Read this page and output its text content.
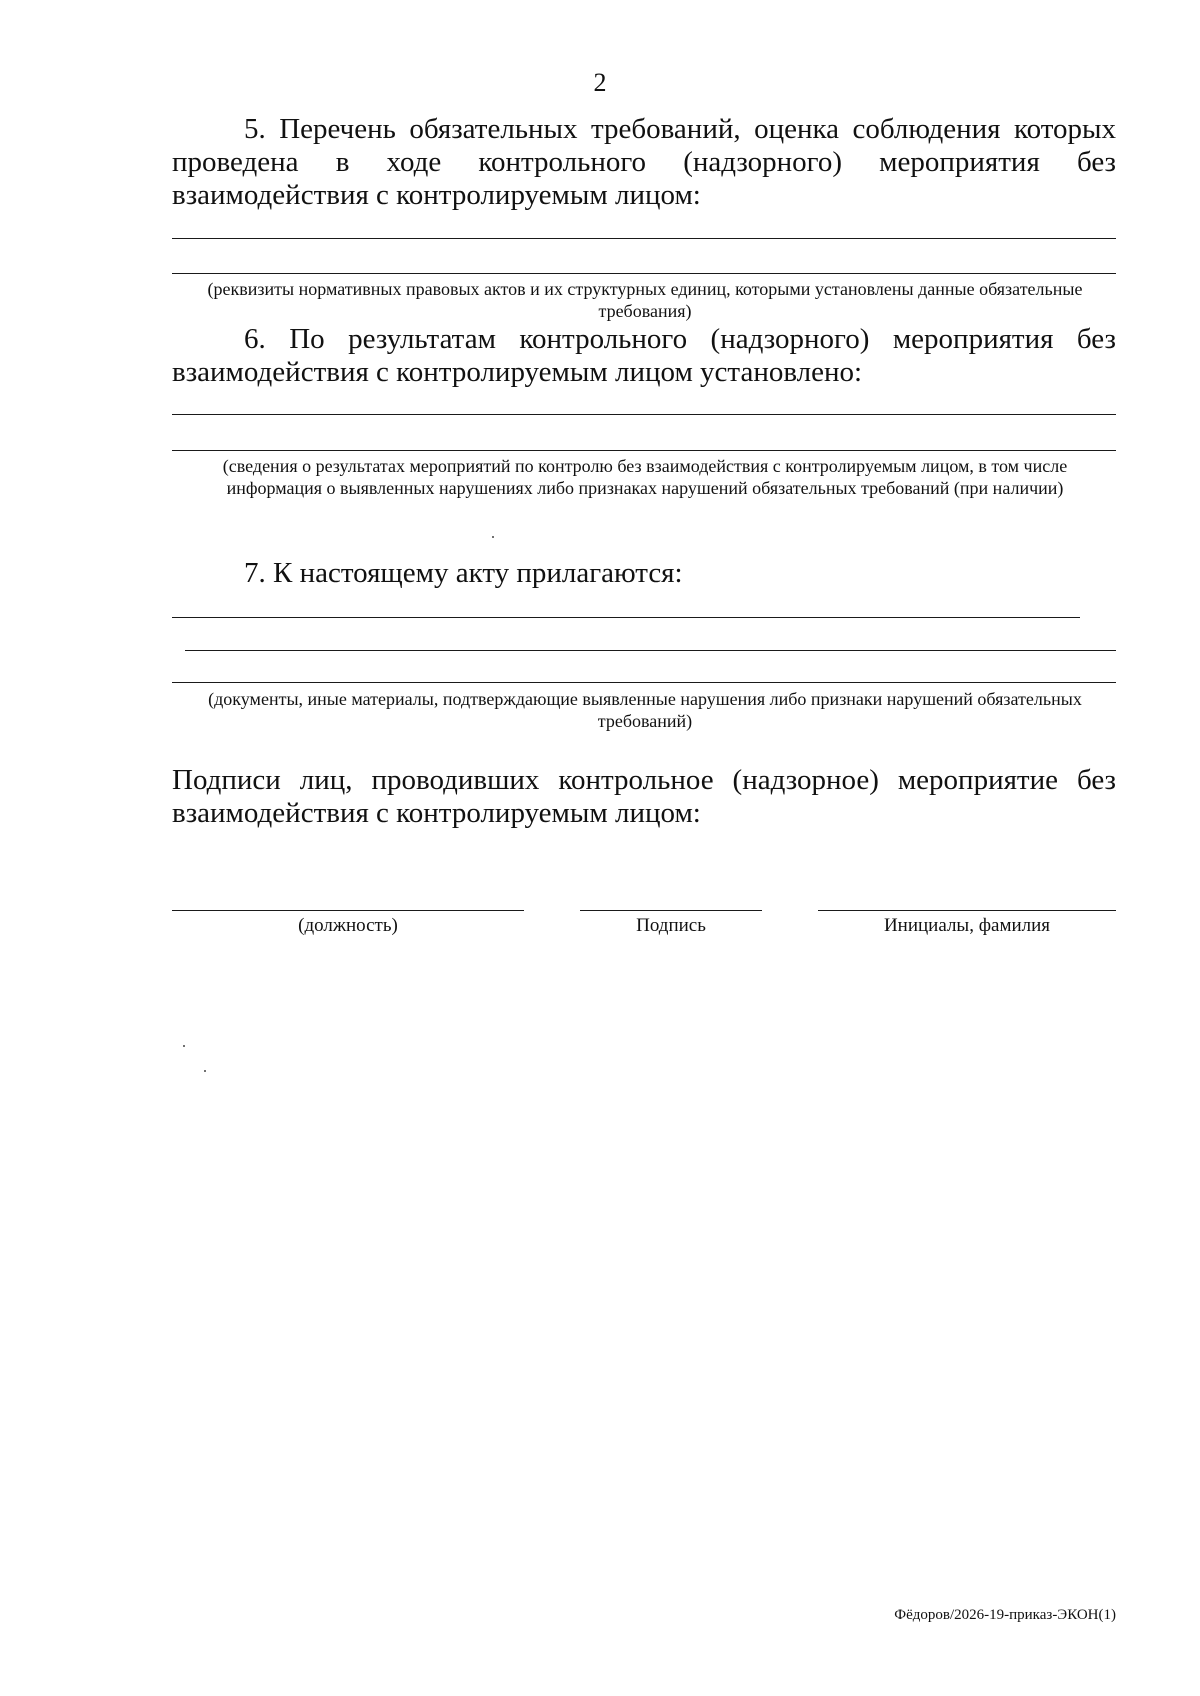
2

5. Перечень обязательных требований, оценка соблюдения которых проведена в ходе контрольного (надзорного) мероприятия без взаимодействия с контролируемым лицом:

(реквизиты нормативных правовых актов и их структурных единиц, которыми установлены данные обязательные требования)

6. По результатам контрольного (надзорного) мероприятия без взаимодействия с контролируемым лицом установлено:

(сведения о результатах мероприятий по контролю без взаимодействия с контролируемым лицом, в том числе информация о выявленных нарушениях либо признаках нарушений обязательных требований (при наличии)

7. К настоящему акту прилагаются:

(документы, иные материалы, подтверждающие выявленные нарушения либо признаки нарушений обязательных требований)

Подписи лиц, проводивших контрольное (надзорное) мероприятие без взаимодействия с контролируемым лицом:

(должность)	Подпись	Инициалы, фамилия
Фёдоров/2026-19-приказ-ЭКОН(1)
